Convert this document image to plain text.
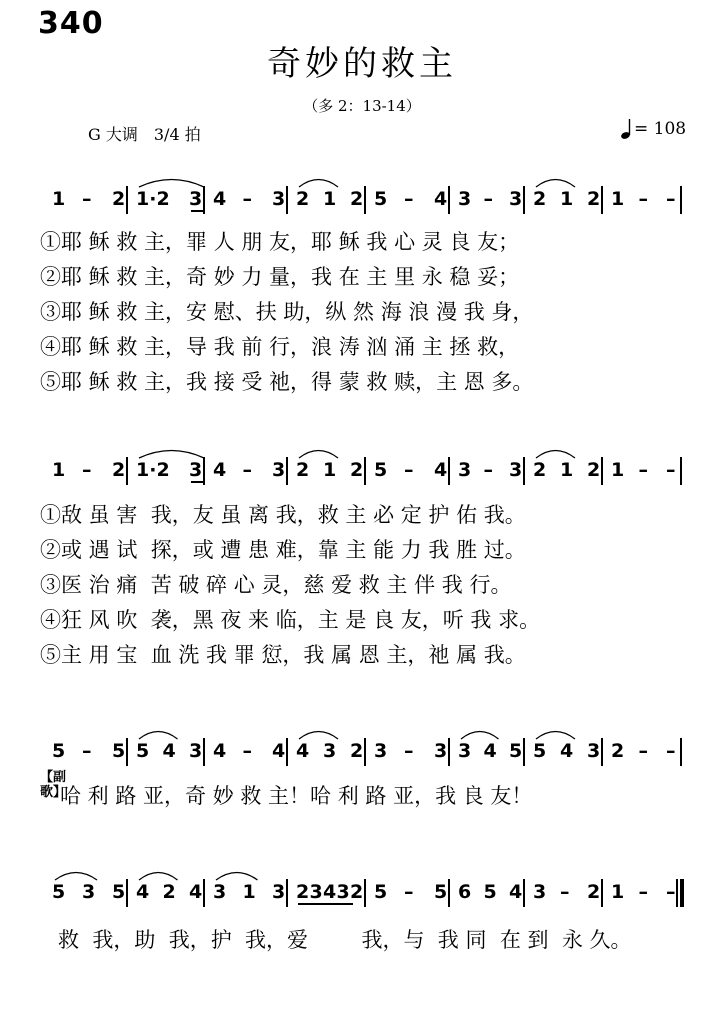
340
奇妙的救主
（多 2：13-14）
G 大调　3/4 拍	= 108
1 – 2 1·2 3 4 – 3 2 1 2 5 – 4 3 – 3 2 1 2 1 – –
①耶 稣 救 主，罪 人 朋 友，耶 稣 我 心 灵 良 友；
②耶 稣 救 主，奇 妙 力 量，我 在 主 里 永 稳 妥；
③耶 稣 救 主，安 慰、扶 助，纵 然 海 浪 漫 我 身，
④耶 稣 救 主，导 我 前 行，浪 涛 汹 涌 主 拯 救，
⑤耶 稣 救 主，我 接 受 祂，得 蒙 救 赎，主 恩 多。
1 – 2 1·2 3 4 – 3 2 1 2 5 – 4 3 – 3 2 1 2 1 – –
①敌 虽 害  我，友 虽 离 我，救 主 必 定 护 佑 我。
②或 遇 试  探，或 遭 患 难，靠 主 能 力 我 胜 过。
③医 治 痛  苦 破 碎 心 灵，慈 爱 救 主 伴 我 行。
④狂 风 吹  袭，黑 夜 来 临，主 是 良 友，听 我 求。
⑤主 用 宝  血 洗 我 罪 愆，我 属 恩 主，祂 属 我。
5 – 5 5 4 3 4 – 4 4 3 2 3 – 3 3 4 5 5 4 3 2 – –
【副歌】
哈 利 路 亚，奇 妙 救 主！哈 利 路 亚，我 良 友！
5 3 5 4 2 4 3 1 3 2 3 4 3 2 5 – 5 6 5 4 3 – 2 1 – –
救  我，助  我，护  我，爱        我，与  我 同  在 到  永 久。
